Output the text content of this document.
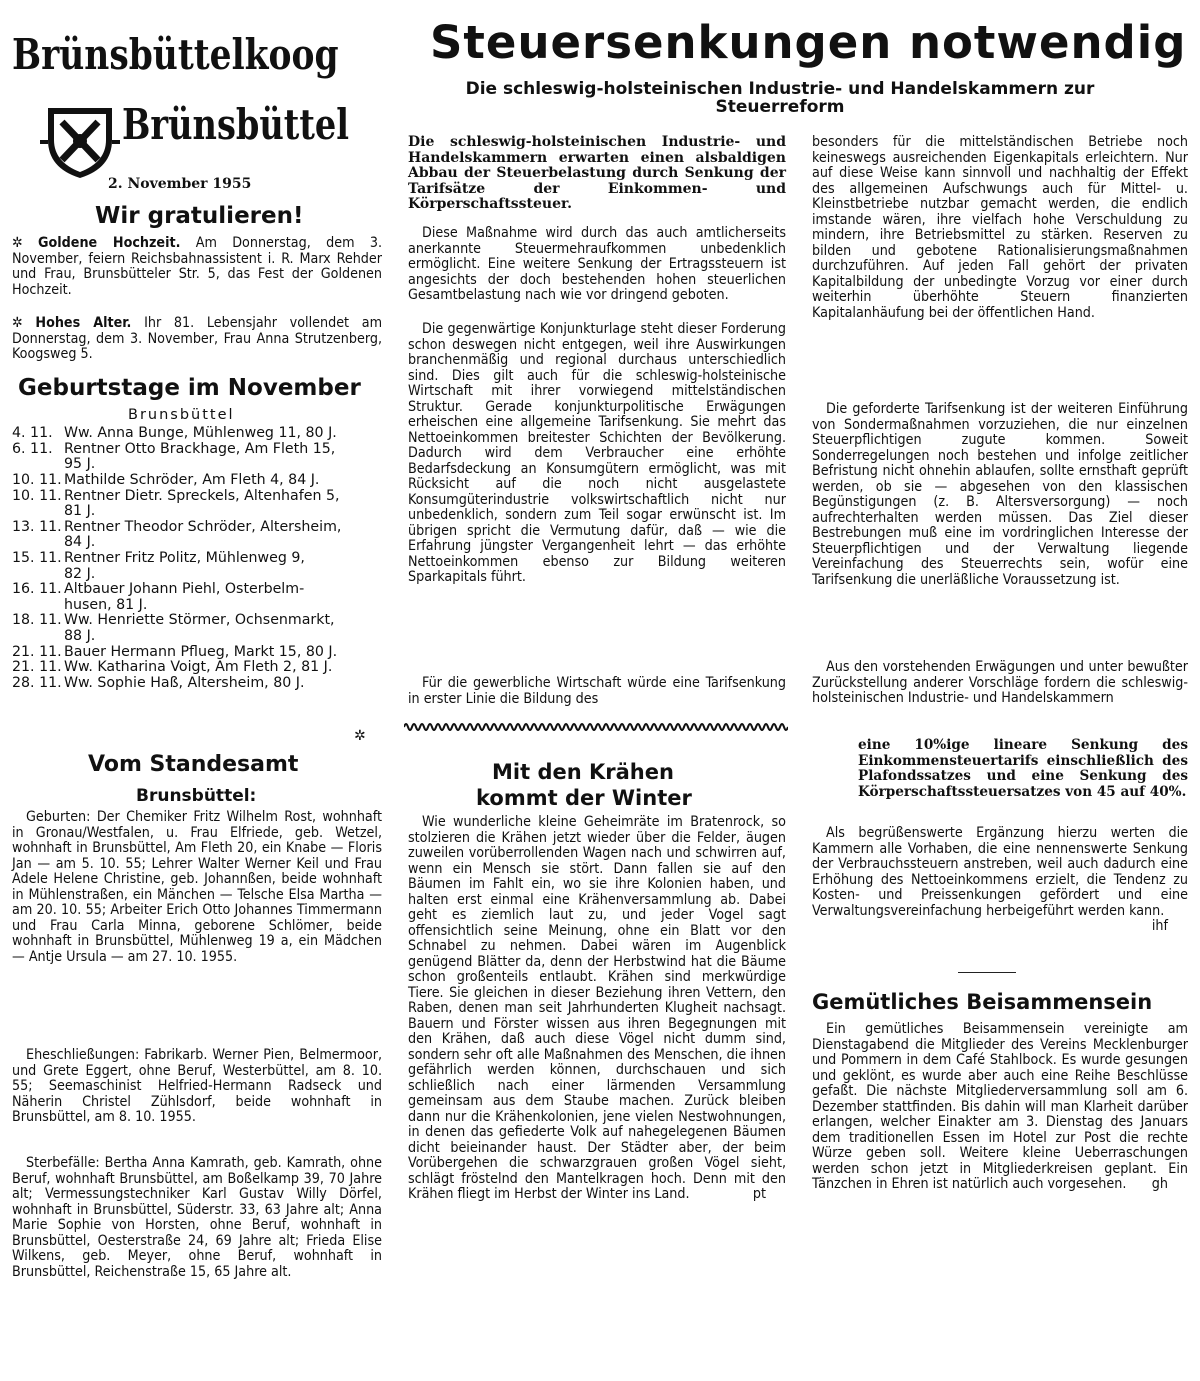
Brünsbüttelkoog
Brünsbüttel
2. November 1955
Wir gratulieren!
✲ Goldene Hochzeit. Am Donnerstag, dem 3. November, feiern Reichsbahnassistent i. R. Marx Rehder und Frau, Brunsbütteler Str. 5, das Fest der Goldenen Hochzeit.
✲ Hohes Alter. Ihr 81. Lebensjahr vollendet am Donnerstag, dem 3. November, Frau Anna Strutzenberg, Koogsweg 5.
Geburtstage im November
Brunsbüttel
4. 11. Ww. Anna Bunge, Mühlenweg 11, 80 J.
6. 11. Rentner Otto Brackhage, Am Fleth 15,
95 J.
10. 11. Mathilde Schröder, Am Fleth 4, 84 J.
10. 11. Rentner Dietr. Spreckels, Altenhafen 5,
81 J.
13. 11. Rentner Theodor Schröder, Altersheim,
84 J.
15. 11. Rentner Fritz Politz, Mühlenweg 9,
82 J.
16. 11. Altbauer Johann Piehl, Osterbelm-
husen, 81 J.
18. 11. Ww. Henriette Störmer, Ochsenmarkt,
88 J.
21. 11. Bauer Hermann Pflueg, Markt 15, 80 J.
21. 11. Ww. Katharina Voigt, Am Fleth 2, 81 J.
28. 11. Ww. Sophie Haß, Altersheim, 80 J.
✲
Vom Standesamt
Brunsbüttel:
Geburten: Der Chemiker Fritz Wilhelm Rost, wohnhaft in Gronau/Westfalen, u. Frau Elfriede, geb. Wetzel, wohnhaft in Brunsbüttel, Am Fleth 20, ein Knabe — Floris Jan — am 5. 10. 55; Lehrer Walter Werner Keil und Frau Adele Helene Christine, geb. Johannßen, beide wohnhaft in Mühlenstraßen, ein Mänchen — Telsche Elsa Martha — am 20. 10. 55; Arbeiter Erich Otto Johannes Timmermann und Frau Carla Minna, geborene Schlömer, beide wohnhaft in Brunsbüttel, Mühlenweg 19 a, ein Mädchen — Antje Ursula — am 27. 10. 1955.
Eheschließungen: Fabrikarb. Werner Pien, Belmermoor, und Grete Eggert, ohne Beruf, Westerbüttel, am 8. 10. 55; Seemaschinist Helfried-Hermann Radseck und Näherin Christel Zühlsdorf, beide wohnhaft in Brunsbüttel, am 8. 10. 1955.
Sterbefälle: Bertha Anna Kamrath, geb. Kamrath, ohne Beruf, wohnhaft Brunsbüttel, am Boßelkamp 39, 70 Jahre alt; Vermessungstechniker Karl Gustav Willy Dörfel, wohnhaft in Brunsbüttel, Süderstr. 33, 63 Jahre alt; Anna Marie Sophie von Horsten, ohne Beruf, wohnhaft in Brunsbüttel, Oesterstraße 24, 69 Jahre alt; Frieda Elise Wilkens, geb. Meyer, ohne Beruf, wohnhaft in Brunsbüttel, Reichenstraße 15, 65 Jahre alt.
Steuersenkungen notwendig
Die schleswig-holsteinischen Industrie- und Handelskammern zur Steuerreform
Die schleswig-holsteinischen Industrie- und Handelskammern erwarten einen alsbaldigen Abbau der Steuerbelastung durch Senkung der Tarifsätze der Einkommen- und Körperschaftssteuer.
Diese Maßnahme wird durch das auch amtlicherseits anerkannte Steuermehraufkommen unbedenklich ermöglicht. Eine weitere Senkung der Ertragssteuern ist angesichts der doch bestehenden hohen steuerlichen Gesamtbelastung nach wie vor dringend geboten.
Die gegenwärtige Konjunkturlage steht dieser Forderung schon deswegen nicht entgegen, weil ihre Auswirkungen branchenmäßig und regional durchaus unterschiedlich sind. Dies gilt auch für die schleswig-holsteinische Wirtschaft mit ihrer vorwiegend mittelständischen Struktur. Gerade konjunkturpolitische Erwägungen erheischen eine allgemeine Tarifsenkung. Sie mehrt das Nettoeinkommen breitester Schichten der Bevölkerung. Dadurch wird dem Verbraucher eine erhöhte Bedarfsdeckung an Konsumgütern ermöglicht, was mit Rücksicht auf die noch nicht ausgelastete Konsumgüterindustrie volkswirtschaftlich nicht nur unbedenklich, sondern zum Teil sogar erwünscht ist. Im übrigen spricht die Vermutung dafür, daß — wie die Erfahrung jüngster Vergangenheit lehrt — das erhöhte Nettoeinkommen ebenso zur Bildung weiteren Sparkapitals führt.
Für die gewerbliche Wirtschaft würde eine Tarifsenkung in erster Linie die Bildung des
Mit den Krähen
kommt der Winter
Wie wunderliche kleine Geheimräte im Bratenrock, so stolzieren die Krähen jetzt wieder über die Felder, äugen zuweilen vorüberrollenden Wagen nach und schwirren auf, wenn ein Mensch sie stört. Dann fallen sie auf den Bäumen im Fahlt ein, wo sie ihre Kolonien haben, und halten erst einmal eine Krähenversammlung ab. Dabei geht es ziemlich laut zu, und jeder Vogel sagt offensichtlich seine Meinung, ohne ein Blatt vor den Schnabel zu nehmen. Dabei wären im Augenblick genügend Blätter da, denn der Herbstwind hat die Bäume schon großenteils entlaubt. Krähen sind merkwürdige Tiere. Sie gleichen in dieser Beziehung ihren Vettern, den Raben, denen man seit Jahrhunderten Klugheit nachsagt. Bauern und Förster wissen aus ihren Begegnungen mit den Krähen, daß auch diese Vögel nicht dumm sind, sondern sehr oft alle Maßnahmen des Menschen, die ihnen gefährlich werden können, durchschauen und sich schließlich nach einer lärmenden Versammlung gemeinsam aus dem Staube machen. Zurück bleiben dann nur die Krähenkolonien, jene vielen Nestwohnungen, in denen das gefiederte Volk auf nahegelegenen Bäumen dicht beieinander haust. Der Städter aber, der beim Vorübergehen die schwarzgrauen großen Vögel sieht, schlägt fröstelnd den Mantelkragen hoch. Denn mit den Krähen fliegt im Herbst der Winter ins Land.	pt
besonders für die mittelständischen Betriebe noch keineswegs ausreichenden Eigenkapitals erleichtern. Nur auf diese Weise kann sinnvoll und nachhaltig der Effekt des allgemeinen Aufschwungs auch für Mittel- u. Kleinstbetriebe nutzbar gemacht werden, die endlich imstande wären, ihre vielfach hohe Verschuldung zu mindern, ihre Betriebsmittel zu stärken. Reserven zu bilden und gebotene Rationalisierungsmaßnahmen durchzuführen. Auf jeden Fall gehört der privaten Kapitalbildung der unbedingte Vorzug vor einer durch weiterhin überhöhte Steuern finanzierten Kapitalanhäufung bei der öffentlichen Hand.
Die geforderte Tarifsenkung ist der weiteren Einführung von Sondermaßnahmen vorzuziehen, die nur einzelnen Steuerpflichtigen zugute kommen. Soweit Sonderregelungen noch bestehen und infolge zeitlicher Befristung nicht ohnehin ablaufen, sollte ernsthaft geprüft werden, ob sie — abgesehen von den klassischen Begünstigungen (z. B. Altersversorgung) — noch aufrechterhalten werden müssen. Das Ziel dieser Bestrebungen muß eine im vordringlichen Interesse der Steuerpflichtigen und der Verwaltung liegende Vereinfachung des Steuerrechts sein, wofür eine Tarifsenkung die unerläßliche Voraussetzung ist.
Aus den vorstehenden Erwägungen und unter bewußter Zurückstellung anderer Vorschläge fordern die schleswig-holsteinischen Industrie- und Handelskammern
eine 10%ige lineare Senkung des Einkommensteuertarifs einschließlich des Plafondssatzes und eine Senkung des Körperschaftssteuersatzes von 45 auf 40%.
Als begrüßenswerte Ergänzung hierzu werten die Kammern alle Vorhaben, die eine nennenswerte Senkung der Verbrauchssteuern anstreben, weil auch dadurch eine Erhöhung des Nettoeinkommens erzielt, die Tendenz zu Kosten- und Preissenkungen gefördert und eine Verwaltungsvereinfachung herbeigeführt werden kann.
ihf
Gemütliches Beisammensein
Ein gemütliches Beisammensein vereinigte am Dienstagabend die Mitglieder des Vereins Mecklenburger und Pommern in dem Café Stahlbock. Es wurde gesungen und geklönt, es wurde aber auch eine Reihe Beschlüsse gefaßt. Die nächste Mitgliederversammlung soll am 6. Dezember stattfinden. Bis dahin will man Klarheit darüber erlangen, welcher Einakter am 3. Dienstag des Januars dem traditionellen Essen im Hotel zur Post die rechte Würze geben soll. Weitere kleine Ueberraschungen werden schon jetzt in Mitgliederkreisen geplant. Ein Tänzchen in Ehren ist natürlich auch vorgesehen.	gh
